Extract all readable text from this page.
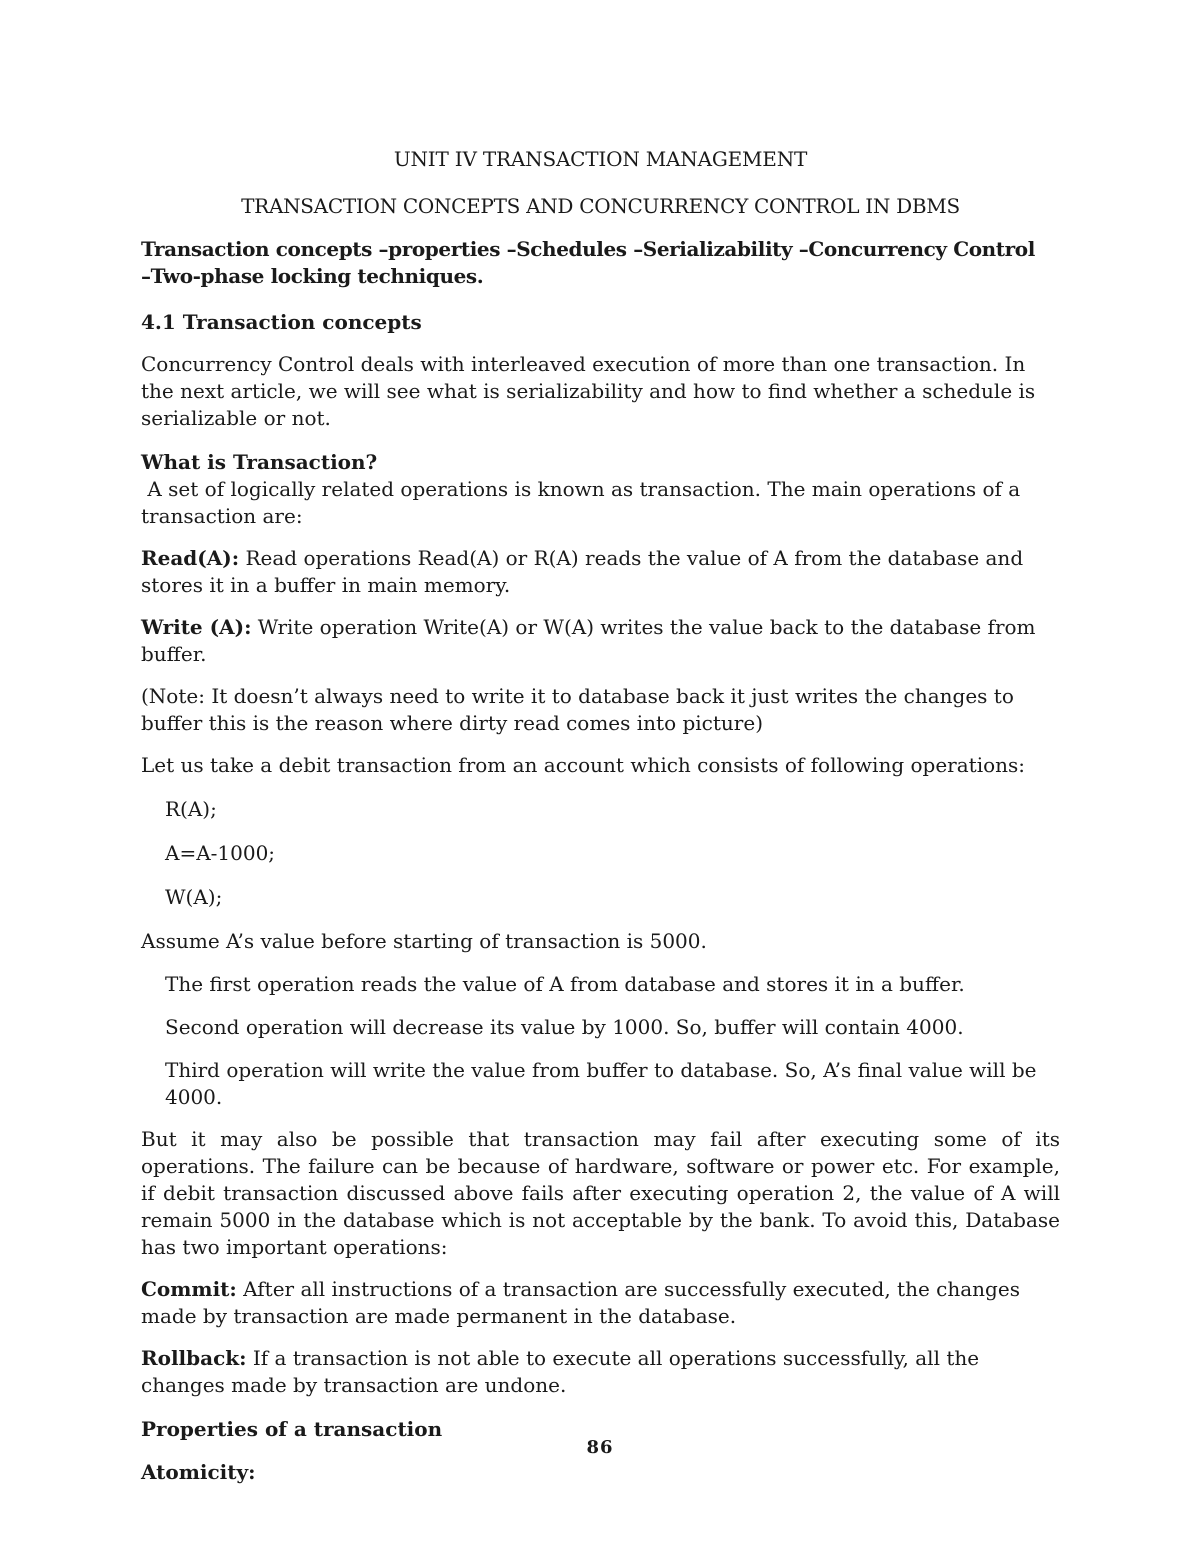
UNIT IV TRANSACTION MANAGEMENT
TRANSACTION CONCEPTS AND CONCURRENCY CONTROL IN DBMS
Transaction concepts –properties –Schedules –Serializability –Concurrency Control
–Two-phase locking techniques.
4.1 Transaction concepts

Concurrency Control deals with interleaved execution of more than one transaction. In the next article, we will see what is serializability and how to find whether a schedule is serializable or not.

What is Transaction?

A set of logically related operations is known as transaction. The main operations of a transaction are:

Read(A): Read operations Read(A) or R(A) reads the value of A from the database and stores it in a buffer in main memory.

Write (A): Write operation Write(A) or W(A) writes the value back to the database from buffer.

(Note: It doesn’t always need to write it to database back it just writes the changes to buffer this is the reason where dirty read comes into picture)

Let us take a debit transaction from an account which consists of following operations:

R(A);
A=A-1000;
W(A);

Assume A’s value before starting of transaction is 5000.

The first operation reads the value of A from database and stores it in a buffer.
Second operation will decrease its value by 1000. So, buffer will contain 4000.
Third operation will write the value from buffer to database. So, A’s final value will be 4000.

But it may also be possible that transaction may fail after executing some of its operations. The failure can be because of hardware, software or power etc. For example, if debit transaction discussed above fails after executing operation 2, the value of A will remain 5000 in the database which is not acceptable by the bank. To avoid this, Database has two important operations:

Commit: After all instructions of a transaction are successfully executed, the changes made by transaction are made permanent in the database.

Rollback: If a transaction is not able to execute all operations successfully, all the changes made by transaction are undone.

Properties of a transaction
Atomicity:
86
